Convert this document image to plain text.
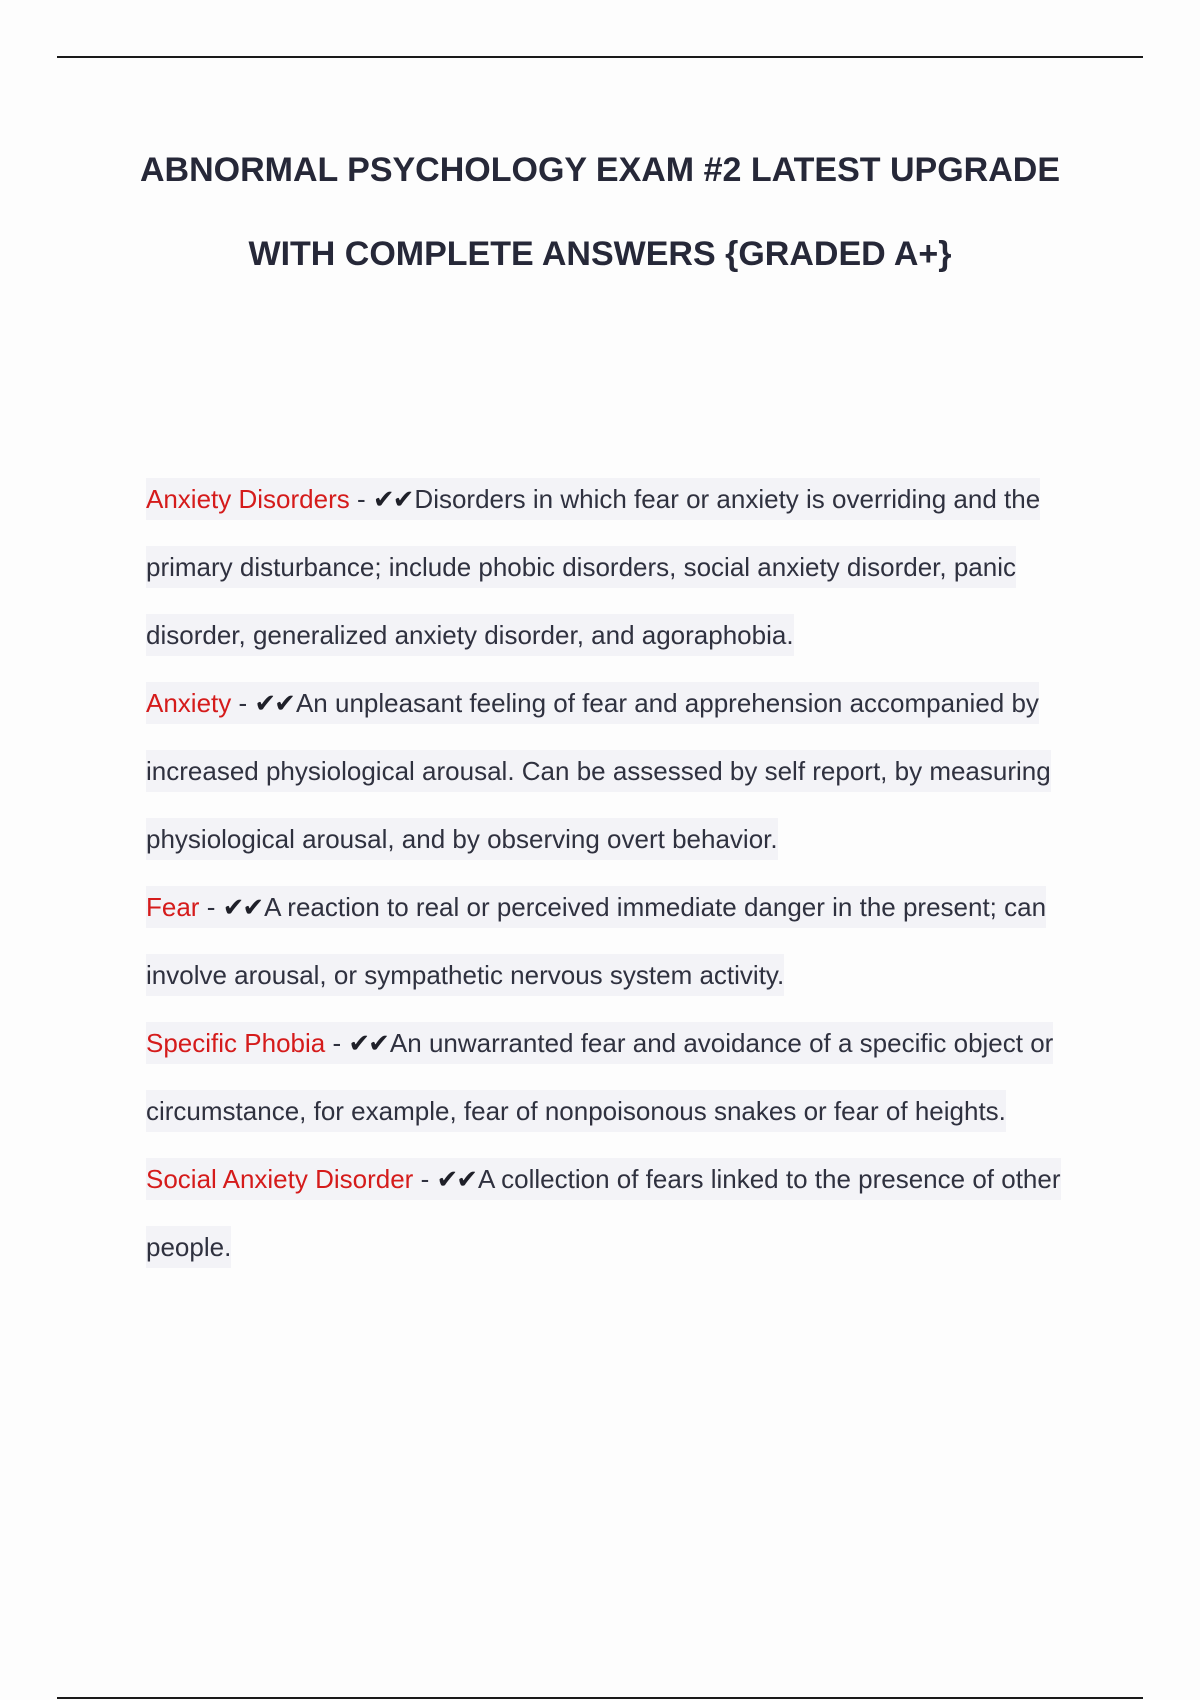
ABNORMAL PSYCHOLOGY EXAM #2 LATEST UPGRADE WITH COMPLETE ANSWERS {GRADED A+}

Anxiety Disorders - ✔✔Disorders in which fear or anxiety is overriding and the primary disturbance; include phobic disorders, social anxiety disorder, panic disorder, generalized anxiety disorder, and agoraphobia.

Anxiety - ✔✔An unpleasant feeling of fear and apprehension accompanied by increased physiological arousal. Can be assessed by self report, by measuring physiological arousal, and by observing overt behavior.

Fear - ✔✔A reaction to real or perceived immediate danger in the present; can involve arousal, or sympathetic nervous system activity.

Specific Phobia - ✔✔An unwarranted fear and avoidance of a specific object or circumstance, for example, fear of nonpoisonous snakes or fear of heights.

Social Anxiety Disorder - ✔✔A collection of fears linked to the presence of other people.
